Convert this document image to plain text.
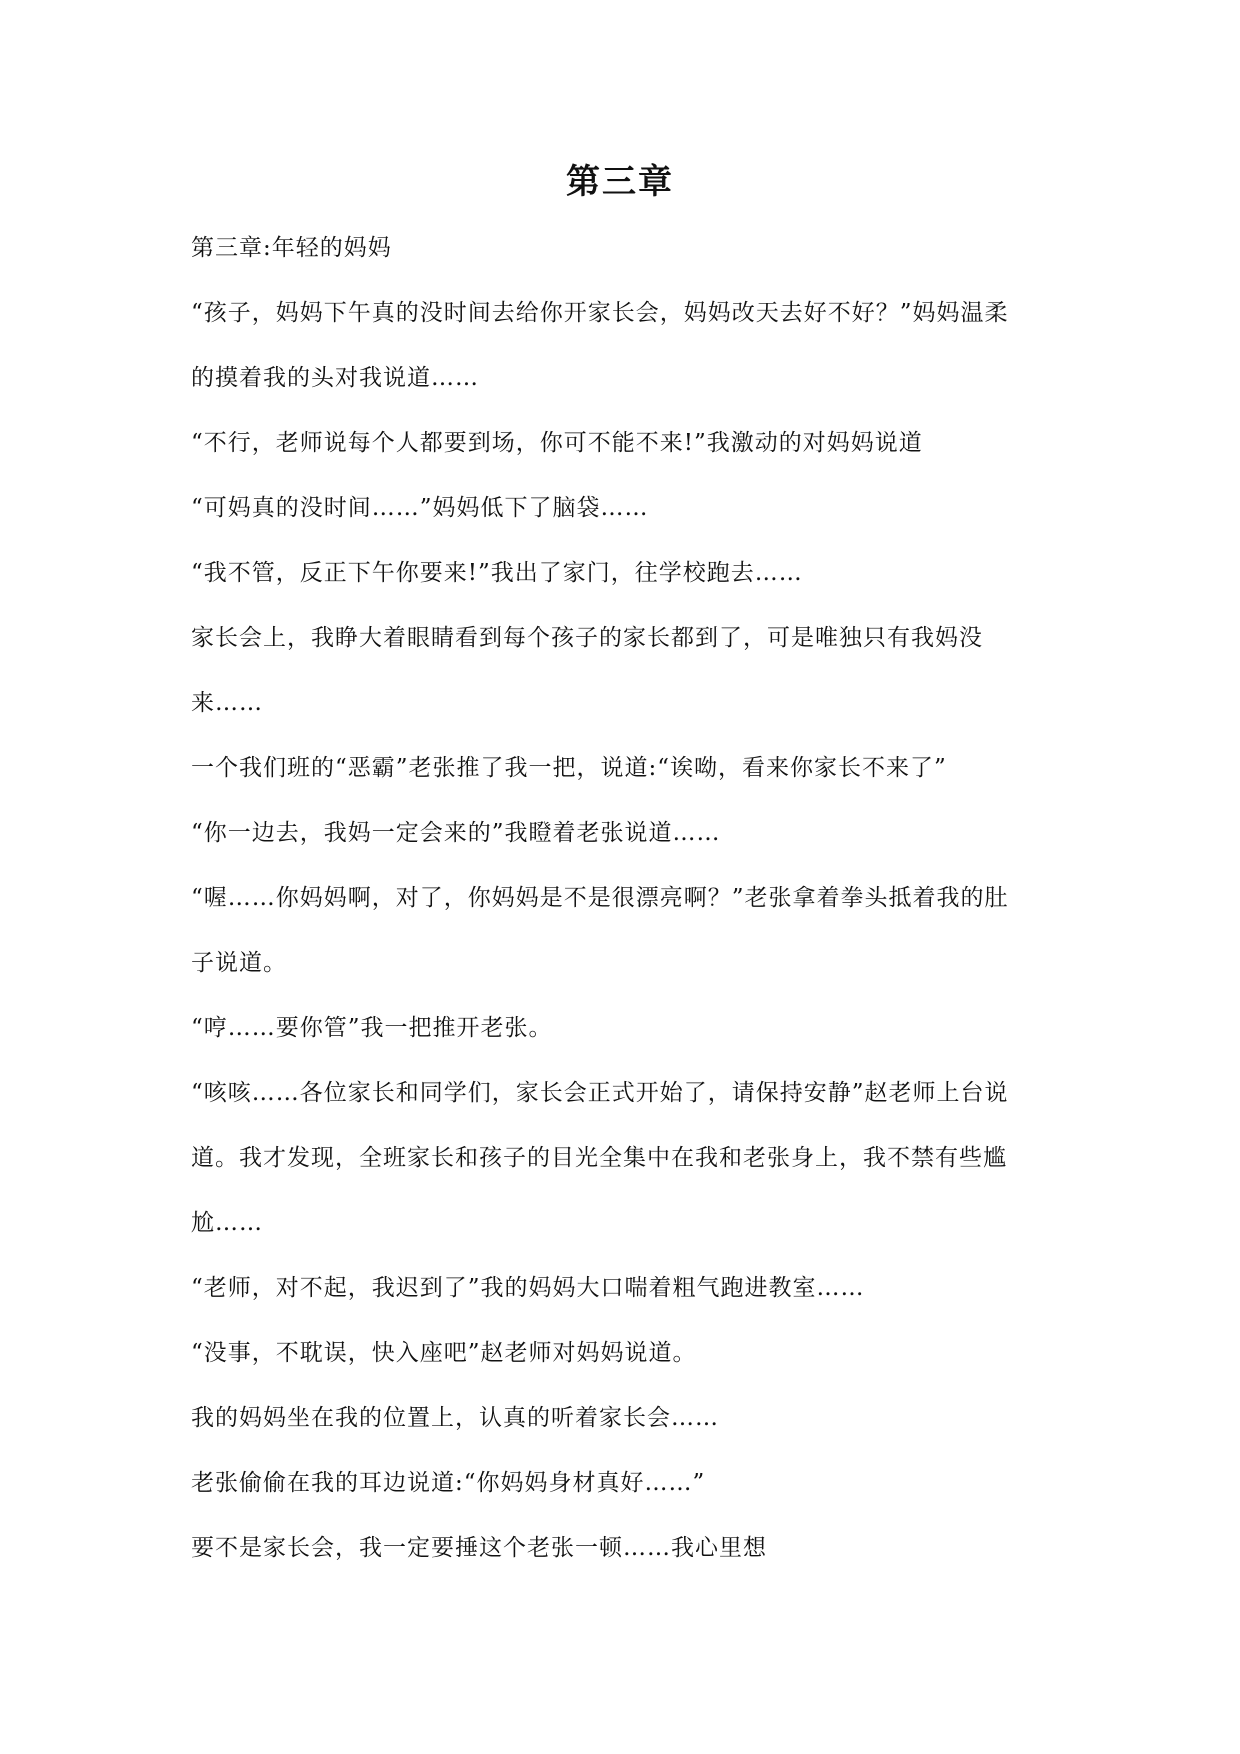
第三章
第三章:年轻的妈妈
“孩子，妈妈下午真的没时间去给你开家长会，妈妈改天去好不好？”妈妈温柔
的摸着我的头对我说道……
“不行，老师说每个人都要到场，你可不能不来!”我激动的对妈妈说道
“可妈真的没时间……”妈妈低下了脑袋……
“我不管，反正下午你要来!”我出了家门，往学校跑去……
家长会上，我睁大着眼睛看到每个孩子的家长都到了，可是唯独只有我妈没
来……
一个我们班的“恶霸”老张推了我一把，说道:“诶呦，看来你家长不来了”
“你一边去，我妈一定会来的”我瞪着老张说道……
“喔……你妈妈啊，对了，你妈妈是不是很漂亮啊？”老张拿着拳头抵着我的肚
子说道。
“哼……要你管”我一把推开老张。
“咳咳……各位家长和同学们，家长会正式开始了，请保持安静”赵老师上台说
道。我才发现，全班家长和孩子的目光全集中在我和老张身上，我不禁有些尴
尬……
“老师，对不起，我迟到了”我的妈妈大口喘着粗气跑进教室……
“没事，不耽误，快入座吧”赵老师对妈妈说道。
我的妈妈坐在我的位置上，认真的听着家长会……
老张偷偷在我的耳边说道:“你妈妈身材真好……”
要不是家长会，我一定要捶这个老张一顿……我心里想
